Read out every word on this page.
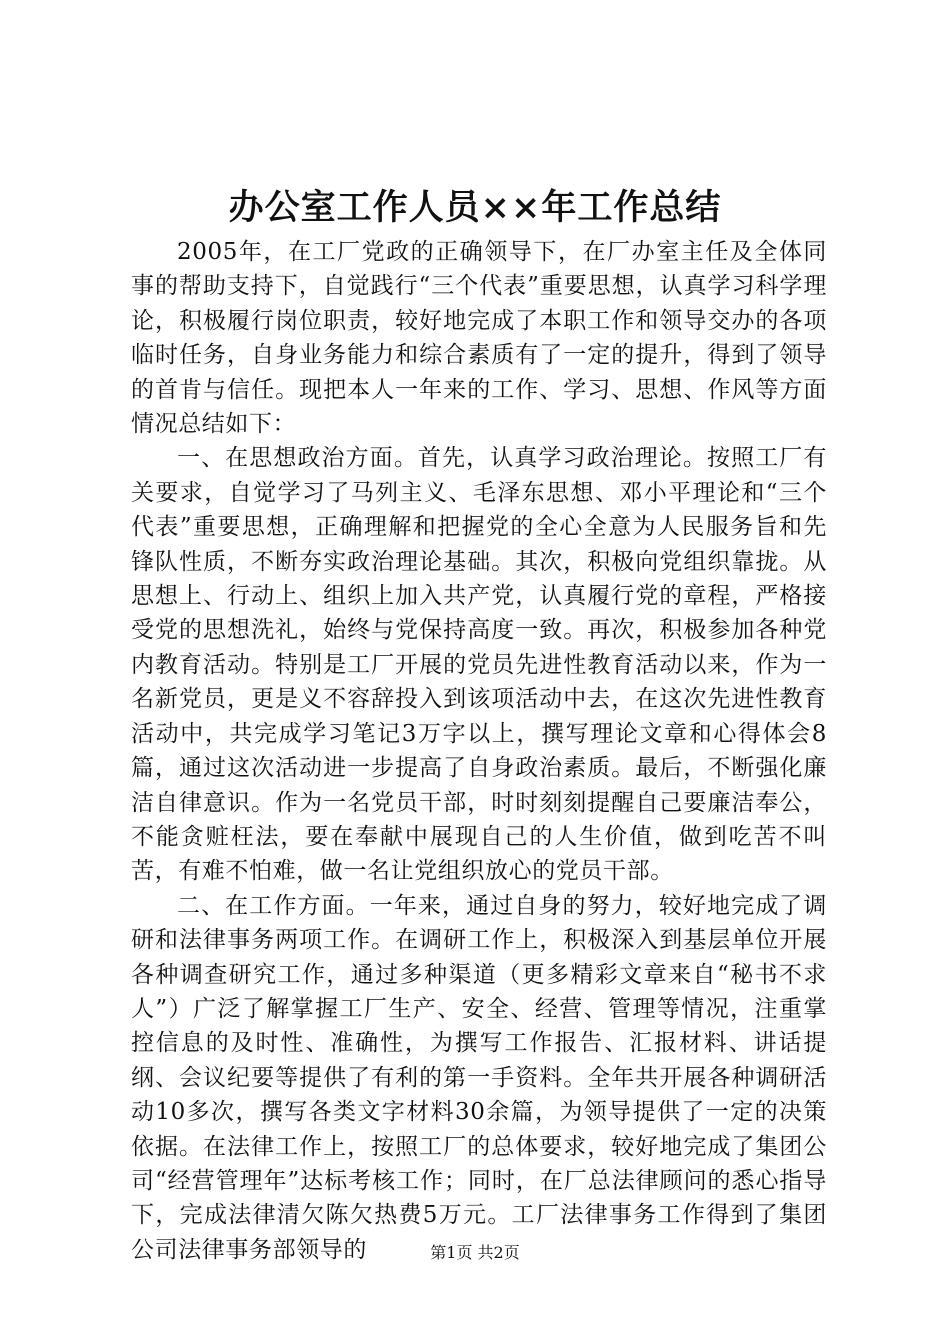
办公室工作人员××年工作总结

2005年，在工厂党政的正确领导下，在厂办室主任及全体同事的帮助支持下，自觉践行“三个代表”重要思想，认真学习科学理论，积极履行岗位职责，较好地完成了本职工作和领导交办的各项临时任务，自身业务能力和综合素质有了一定的提升，得到了领导的首肯与信任。现把本人一年来的工作、学习、思想、作风等方面情况总结如下：

一、在思想政治方面。首先，认真学习政治理论。按照工厂有关要求，自觉学习了马列主义、毛泽东思想、邓小平理论和“三个代表”重要思想，正确理解和把握党的全心全意为人民服务旨和先锋队性质，不断夯实政治理论基础。其次，积极向党组织靠拢。从思想上、行动上、组织上加入共产党，认真履行党的章程，严格接受党的思想洗礼，始终与党保持高度一致。再次，积极参加各种党内教育活动。特别是工厂开展的党员先进性教育活动以来，作为一名新党员，更是义不容辞投入到该项活动中去，在这次先进性教育活动中，共完成学习笔记3万字以上，撰写理论文章和心得体会8篇，通过这次活动进一步提高了自身政治素质。最后，不断强化廉洁自律意识。作为一名党员干部，时时刻刻提醒自己要廉洁奉公，不能贪赃枉法，要在奉献中展现自己的人生价值，做到吃苦不叫苦，有难不怕难，做一名让党组织放心的党员干部。

二、在工作方面。一年来，通过自身的努力，较好地完成了调研和法律事务两项工作。在调研工作上，积极深入到基层单位开展各种调查研究工作，通过多种渠道（更多精彩文章来自“秘书不求人”）广泛了解掌握工厂生产、安全、经营、管理等情况，注重掌控信息的及时性、准确性，为撰写工作报告、汇报材料、讲话提纲、会议纪要等提供了有利的第一手资料。全年共开展各种调研活动10多次，撰写各类文字材料30余篇，为领导提供了一定的决策依据。在法律工作上，按照工厂的总体要求，较好地完成了集团公司“经营管理年”达标考核工作；同时，在厂总法律顾问的悉心指导下，完成法律清欠陈欠热费5万元。工厂法律事务工作得到了集团公司法律事务部领导的	第1页 共2页
